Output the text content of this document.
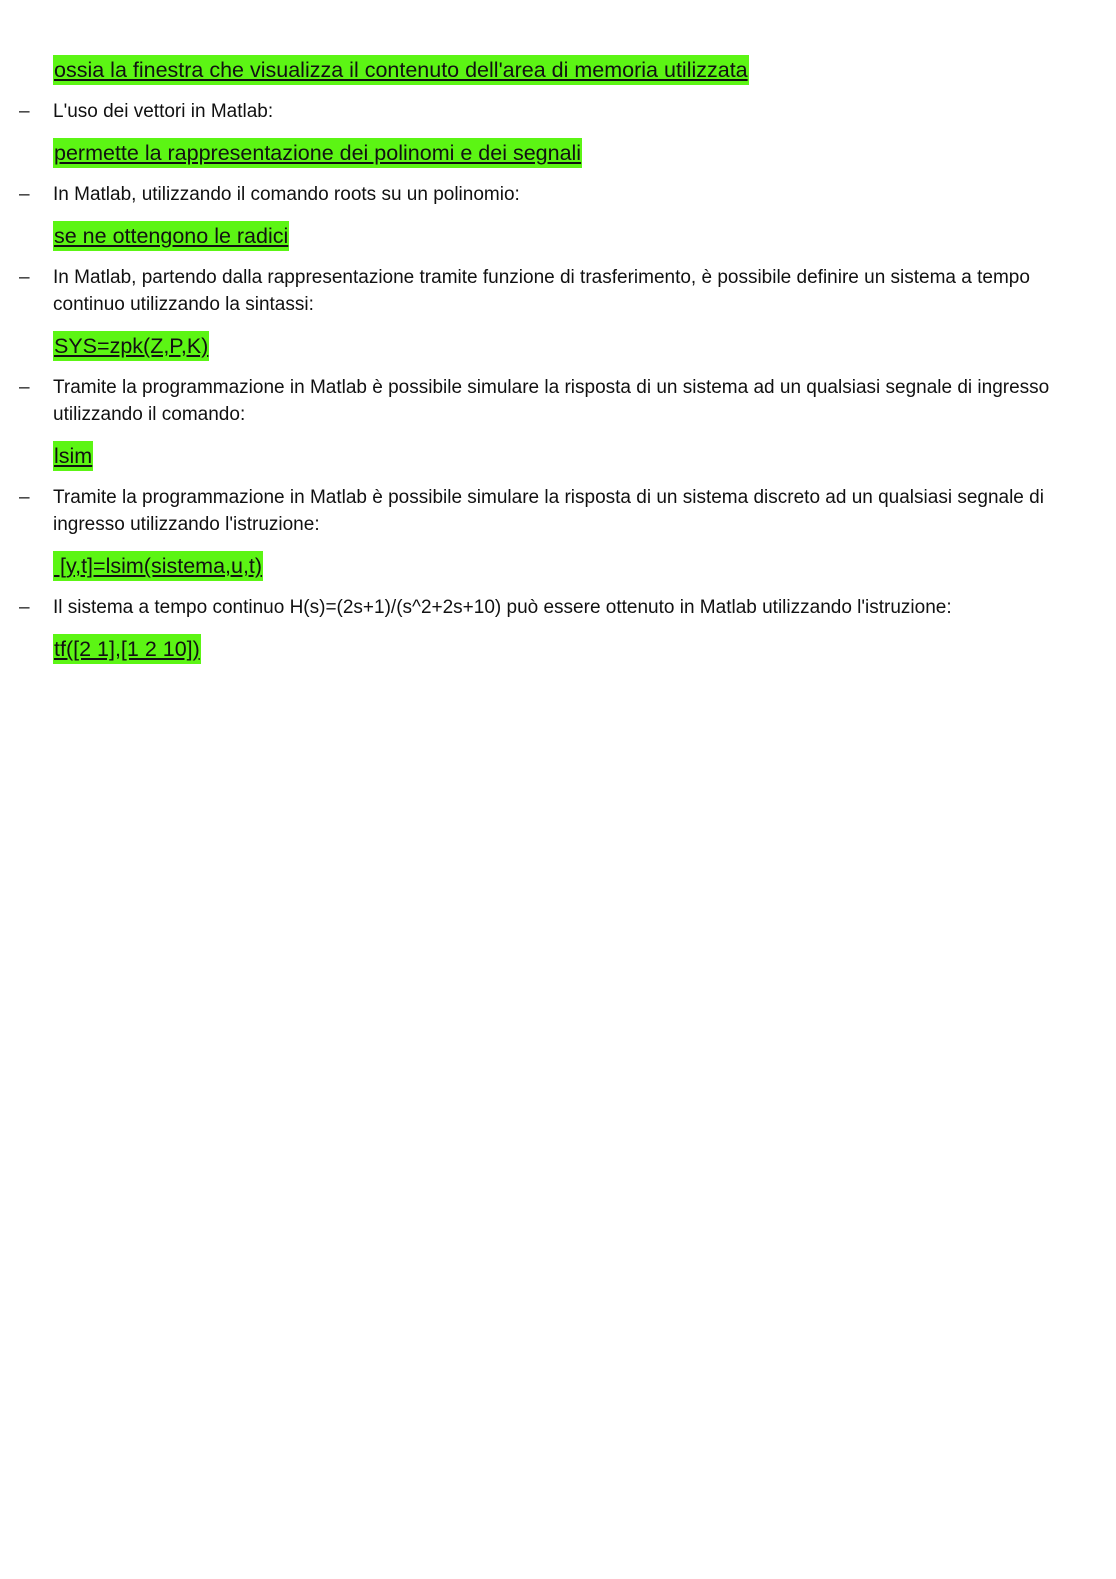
ossia la finestra che visualizza il contenuto dell'area di memoria utilizzata
– L'uso dei vettori in Matlab:
permette la rappresentazione dei polinomi e dei segnali
– In Matlab, utilizzando il comando roots su un polinomio:
se ne ottengono le radici
– In Matlab, partendo dalla rappresentazione tramite funzione di trasferimento, è possibile definire un sistema a tempo continuo utilizzando la sintassi:
SYS=zpk(Z,P,K)
– Tramite la programmazione in Matlab è possibile simulare la risposta di un sistema ad un qualsiasi segnale di ingresso utilizzando il comando:
lsim
– Tramite la programmazione in Matlab è possibile simulare la risposta di un sistema discreto ad un qualsiasi segnale di ingresso utilizzando l'istruzione:
[y,t]=lsim(sistema,u,t)
– Il sistema a tempo continuo H(s)=(2s+1)/(s^2+2s+10) può essere ottenuto in Matlab utilizzando l'istruzione:
tf([2 1],[1 2 10])
